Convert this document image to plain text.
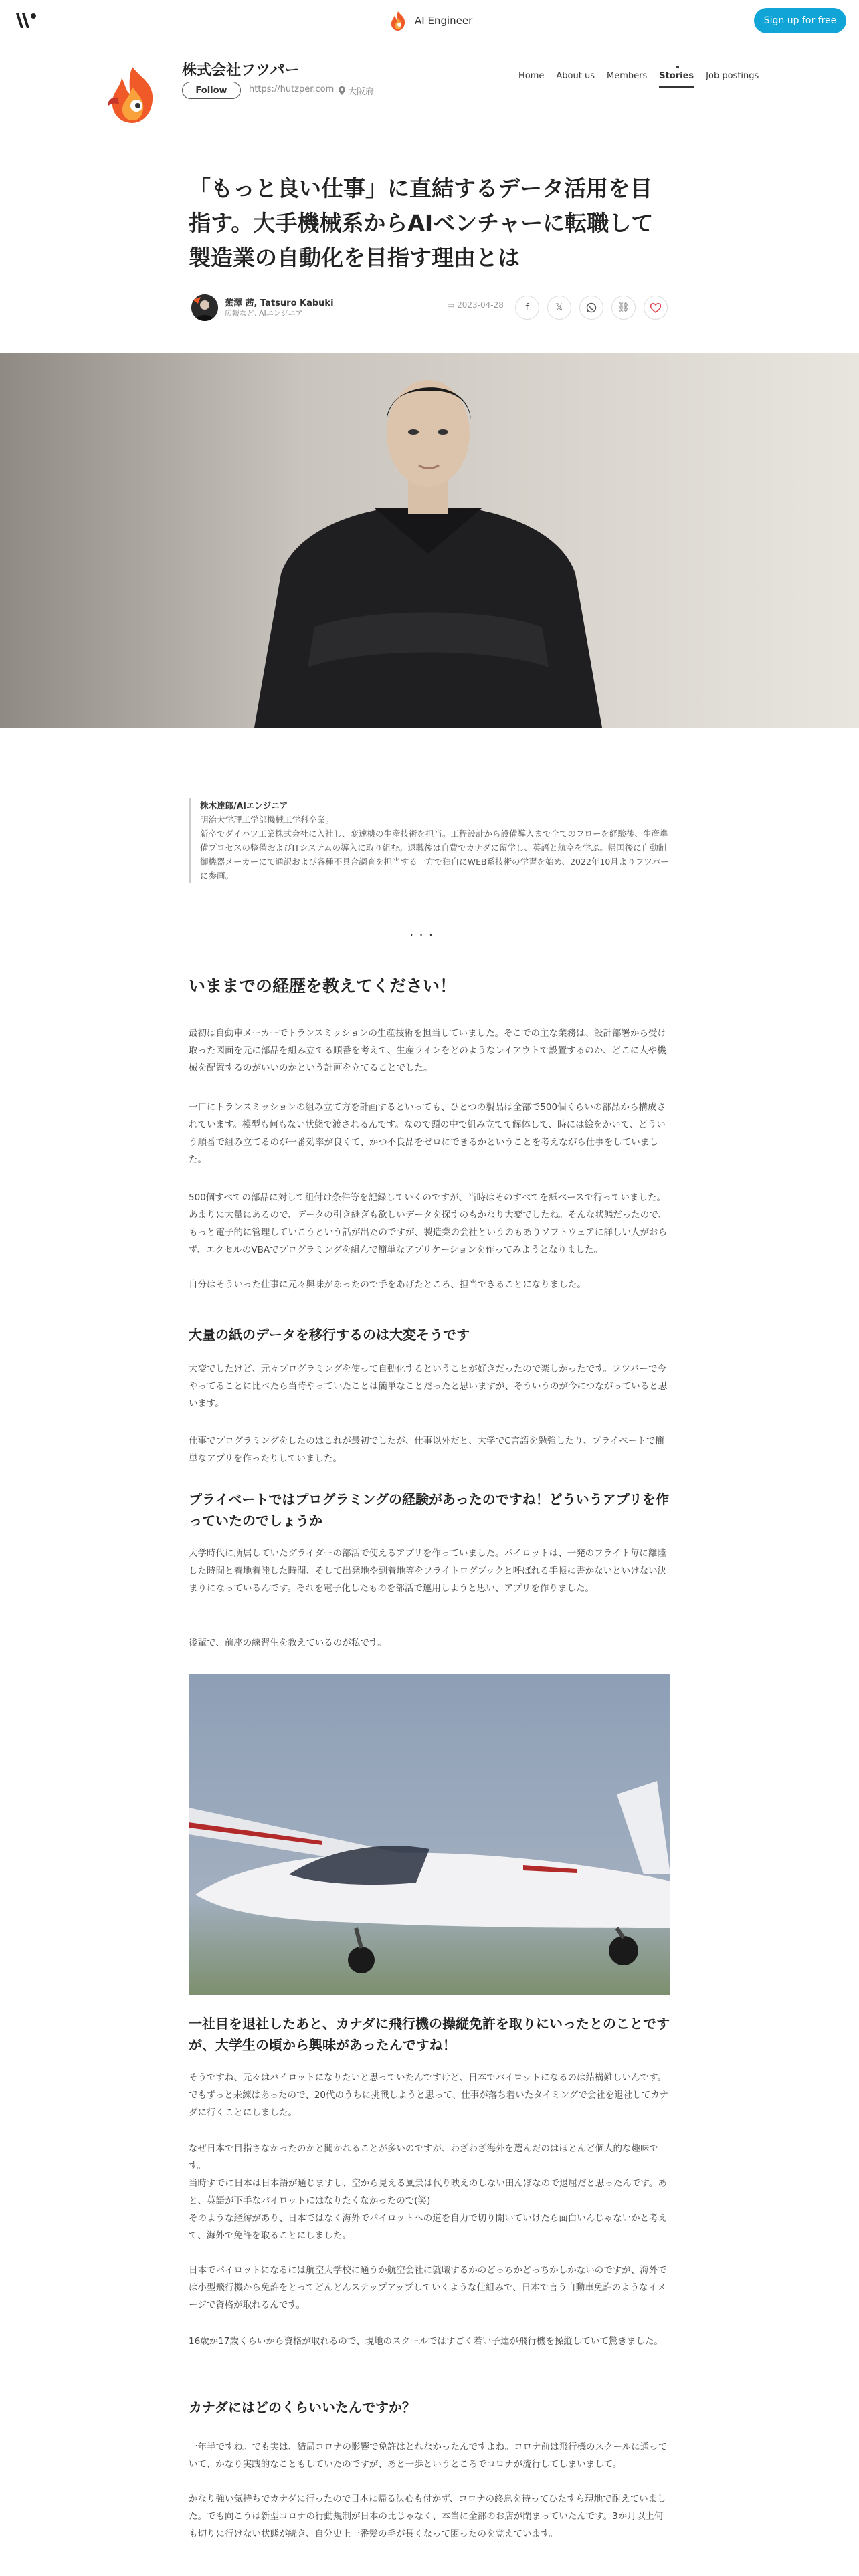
AI Engineer	Sign up for free
株式会社フツパー
Follow	https://hutzper.com 大阪府
Home	About us	Members	Stories	Job postings
「もっと良い仕事」に直結するデータ活用を目指す。大手機械系からAIベンチャーに転職して製造業の自動化を目指す理由とは
蕪澤 茜, Tatsuro Kabuki
広報など, AIエンジニア
▭ 2023-04-28 f	𝕏	⛓
株木達郎/AIエンジニア
明治大学理工学部機械工学科卒業。
新卒でダイハツ工業株式会社に入社し、変速機の生産技術を担当。工程設計から設備導入まで全てのフローを経験後、生産準備プロセスの整備およびITシステムの導入に取り組む。退職後は自費でカナダに留学し、英語と航空を学ぶ。帰国後に自動制御機器メーカーにて通訳および各種不具合調査を担当する一方で独自にWEB系技術の学習を始め、2022年10月よりフツパーに参画。
···
いままでの経歴を教えてください！

最初は自動車メーカーでトランスミッションの生産技術を担当していました。そこでの主な業務は、設計部署から受け取った図面を元に部品を組み立てる順番を考えて、生産ラインをどのようなレイアウトで設置するのか、どこに人や機械を配置するのがいいのかという計画を立てることでした。

一口にトランスミッションの組み立て方を計画するといっても、ひとつの製品は全部で500個くらいの部品から構成されています。模型も何もない状態で渡されるんです。なので頭の中で組み立てて解体して、時には絵をかいて、どういう順番で組み立てるのが一番効率が良くて、かつ不良品をゼロにできるかということを考えながら仕事をしていました。

500個すべての部品に対して組付け条件等を記録していくのですが、当時はそのすべてを紙ベースで行っていました。あまりに大量にあるので、データの引き継ぎも欲しいデータを探すのもかなり大変でしたね。そんな状態だったので、もっと電子的に管理していこうという話が出たのですが、製造業の会社というのもありソフトウェアに詳しい人がおらず、エクセルのVBAでプログラミングを組んで簡単なアプリケーションを作ってみようとなりました。

自分はそういった仕事に元々興味があったので手をあげたところ、担当できることになりました。

大量の紙のデータを移行するのは大変そうです

大変でしたけど、元々プログラミングを使って自動化するということが好きだったので楽しかったです。フツパーで今やってることに比べたら当時やっていたことは簡単なことだったと思いますが、そういうのが今につながっていると思います。

仕事でプログラミングをしたのはこれが最初でしたが、仕事以外だと、大学でC言語を勉強したり、プライベートで簡単なアプリを作ったりしていました。

プライベートではプログラミングの経験があったのですね！どういうアプリを作っていたのでしょうか

大学時代に所属していたグライダーの部活で使えるアプリを作っていました。パイロットは、一発のフライト毎に離陸した時間と着地着陸した時間、そして出発地や到着地等をフライトログブックと呼ばれる手帳に書かないといけない決まりになっているんです。それを電子化したものを部活で運用しようと思い、アプリを作りました。

後輩で、前座の練習生を教えているのが私です。

一社目を退社したあと、カナダに飛行機の操縦免許を取りにいったとのことですが、大学生の頃から興味があったんですね！

そうですね、元々はパイロットになりたいと思っていたんですけど、日本でパイロットになるのは結構難しいんです。でもずっと未練はあったので、20代のうちに挑戦しようと思って、仕事が落ち着いたタイミングで会社を退社してカナダに行くことにしました。

なぜ日本で目指さなかったのかと聞かれることが多いのですが、わざわざ海外を選んだのはほとんど個人的な趣味です。

当時すでに日本は日本語が通じますし、空から見える風景は代り映えのしない田んぼなので退屈だと思ったんです。あと、英語が下手なパイロットにはなりたくなかったので(笑)

そのような経緯があり、日本ではなく海外でパイロットへの道を自力で切り開いていけたら面白いんじゃないかと考えて、海外で免許を取ることにしました。

日本でパイロットになるには航空大学校に通うか航空会社に就職するかのどっちかどっちかしかないのですが、海外では小型飛行機から免許をとってどんどんステップアップしていくような仕組みで、日本で言う自動車免許のようなイメージで資格が取れるんです。

16歳か17歳くらいから資格が取れるので、現地のスクールではすごく若い子達が飛行機を操縦していて驚きました。

カナダにはどのくらいいたんですか？

一年半ですね。でも実は、結局コロナの影響で免許はとれなかったんですよね。コロナ前は飛行機のスクールに通っていて、かなり実践的なこともしていたのですが、あと一歩というところでコロナが流行してしまいまして。

かなり強い気持ちでカナダに行ったので日本に帰る決心も付かず、コロナの終息を待ってひたすら現地で耐えていました。でも向こうは新型コロナの行動規制が日本の比じゃなく、本当に全部のお店が閉まっていたんです。3か月以上何も切りに行けない状態が続き、自分史上一番髪の毛が長くなって困ったのを覚えています。
